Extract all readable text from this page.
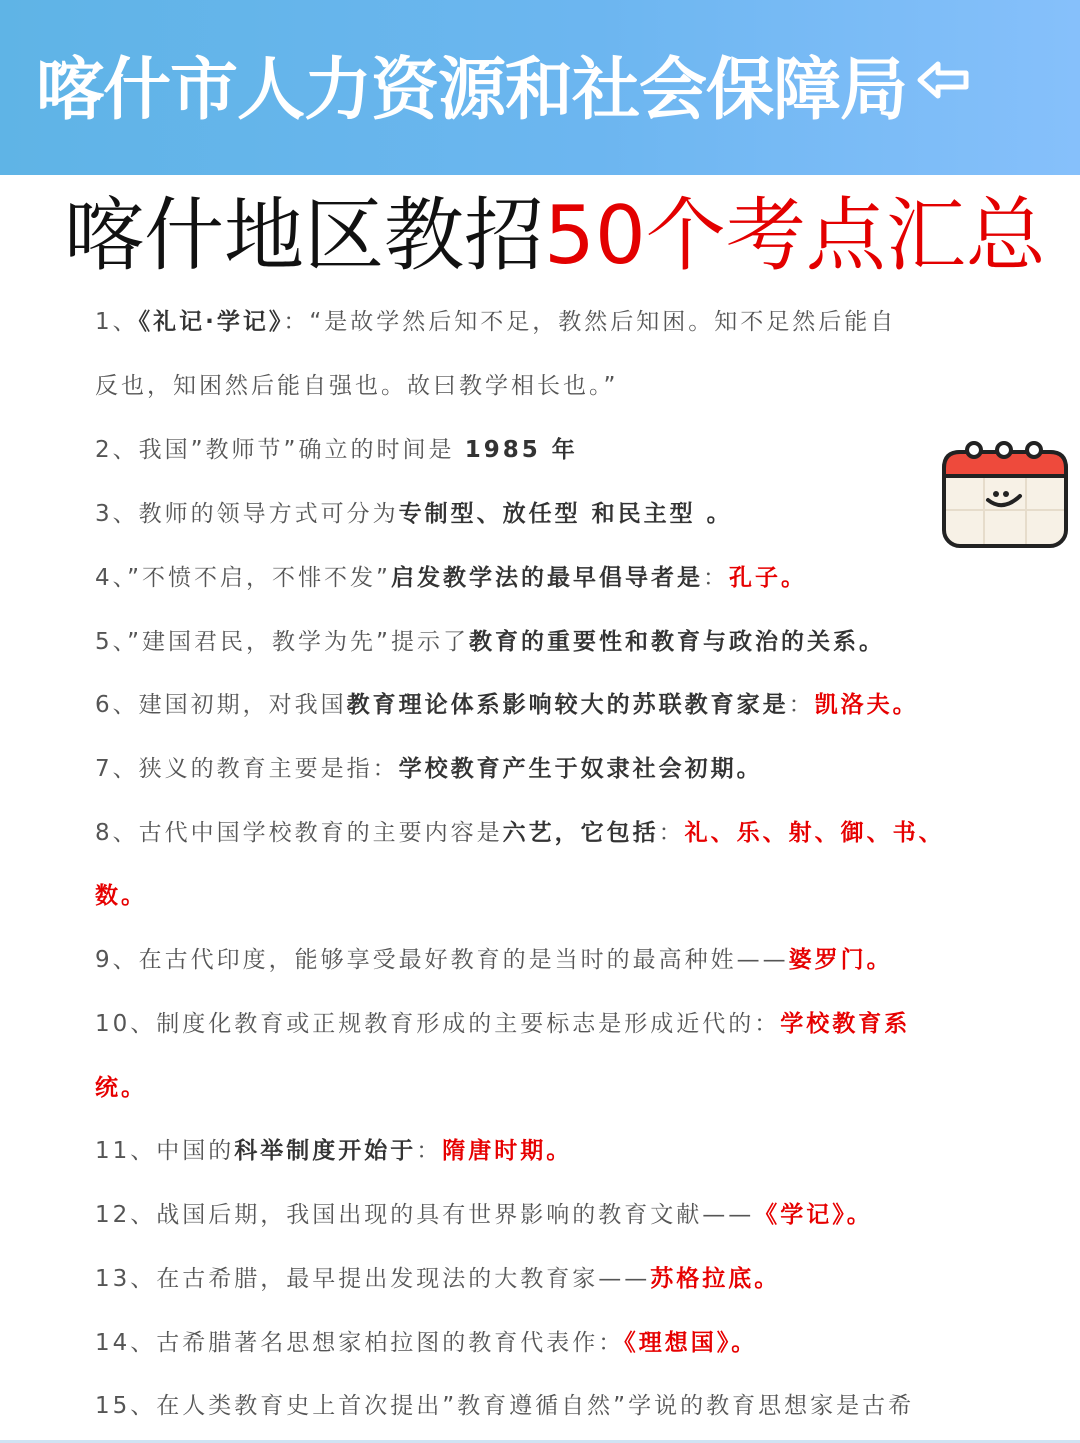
喀什市人力资源和社会保障局
喀什地区教招50个考点汇总
1、《礼记·学记》：“是故学然后知不足，教然后知困。知不足然后能自
反也，知困然后能自强也。故曰教学相长也。”
2、我国”教师节”确立的时间是 1985 年
3、教师的领导方式可分为专制型、放任型 和民主型 。
4、”不愤不启，不悱不发”启发教学法的最早倡导者是：孔子。
5、”建国君民，教学为先”提示了教育的重要性和教育与政治的关系。
6、建国初期，对我国教育理论体系影响较大的苏联教育家是：凯洛夫。
7、狭义的教育主要是指：学校教育产生于奴隶社会初期。
8、古代中国学校教育的主要内容是六艺，它包括：礼、乐、射、御、书、
数。
9、在古代印度，能够享受最好教育的是当时的最高种姓——婆罗门。
10、制度化教育或正规教育形成的主要标志是形成近代的：学校教育系
统。
11、中国的科举制度开始于：隋唐时期。
12、战国后期，我国出现的具有世界影响的教育文献——《学记》。
13、在古希腊，最早提出发现法的大教育家——苏格拉底。
14、古希腊著名思想家柏拉图的教育代表作：《理想国》。
15、在人类教育史上首次提出”教育遵循自然”学说的教育思想家是古希
